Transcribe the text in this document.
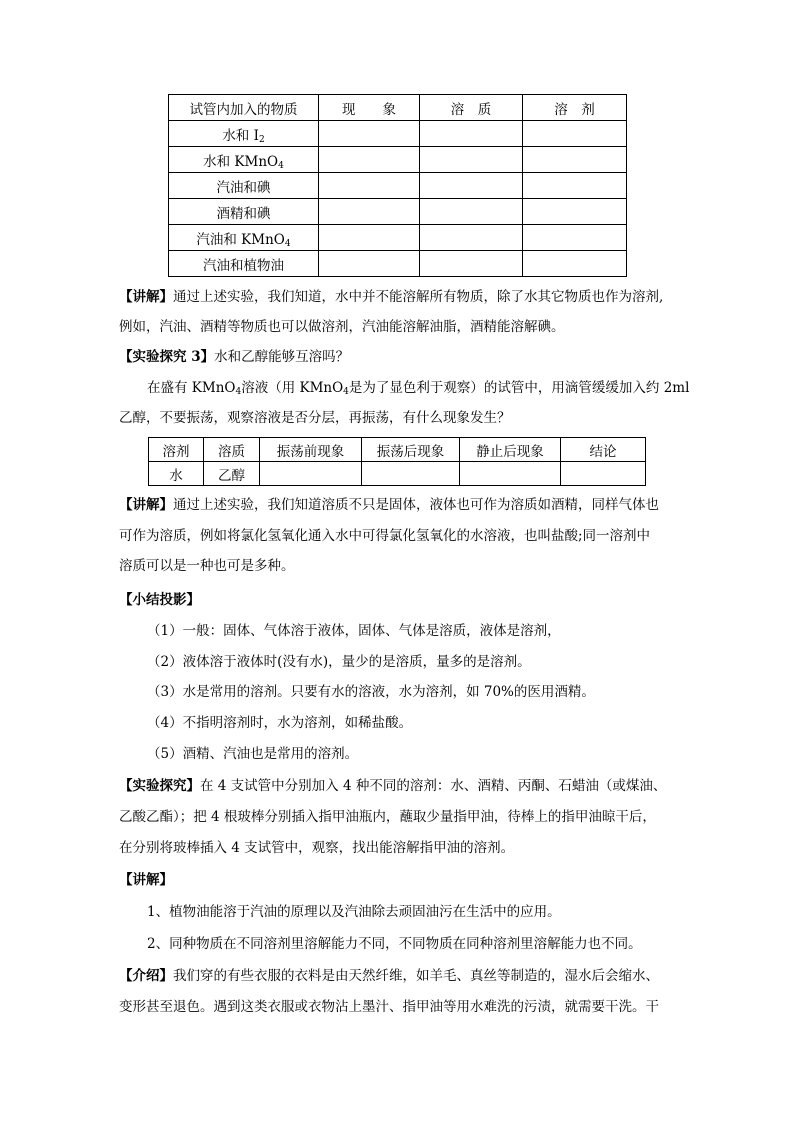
试管内加入的物质	现　　象	溶　质	溶　剂
水和 $I_2$			
水和 KMnO$_4$			
汽油和碘			
酒精和碘			
汽油和 KMnO$_4$			
汽油和植物油			
【讲解】通过上述实验，我们知道，水中并不能溶解所有物质，除了水其它物质也作为溶剂,
例如，汽油、酒精等物质也可以做溶剂，汽油能溶解油脂，酒精能溶解碘。
【实验探究 3】水和乙醇能够互溶吗？
在盛有 KMnO$_4$溶液（用 KMnO$_4$是为了显色利于观察）的试管中，用滴管缓缓加入约 2ml
乙醇，不要振荡，观察溶液是否分层，再振荡，有什么现象发生？
溶剂	溶质	振荡前现象	振荡后现象	静止后现象	结论
水	乙醇				
【讲解】通过上述实验，我们知道溶质不只是固体，液体也可作为溶质如酒精，同样气体也
可作为溶质，例如将氯化氢氧化通入水中可得氯化氢氧化的水溶液，也叫盐酸;同一溶剂中
溶质可以是一种也可是多种。
【小结投影】
（1）一般：固体、气体溶于液体，固体、气体是溶质，液体是溶剂，
（2）液体溶于液体时(没有水)，量少的是溶质，量多的是溶剂。
（3）水是常用的溶剂。只要有水的溶液，水为溶剂，如 70%的医用酒精。
（4）不指明溶剂时，水为溶剂，如稀盐酸。
（5）酒精、汽油也是常用的溶剂。
【实验探究】在 4 支试管中分别加入 4 种不同的溶剂：水、酒精、丙酮、石蜡油（或煤油、
乙酸乙酯）；把 4 根玻棒分别插入指甲油瓶内，蘸取少量指甲油，待棒上的指甲油晾干后，
在分别将玻棒插入 4 支试管中，观察，找出能溶解指甲油的溶剂。
【讲解】
1、植物油能溶于汽油的原理以及汽油除去顽固油污在生活中的应用。
2、同种物质在不同溶剂里溶解能力不同，不同物质在同种溶剂里溶解能力也不同。
【介绍】我们穿的有些衣服的衣料是由天然纤维，如羊毛、真丝等制造的，湿水后会缩水、
变形甚至退色。遇到这类衣服或衣物沾上墨汁、指甲油等用水难洗的污渍，就需要干洗。干
